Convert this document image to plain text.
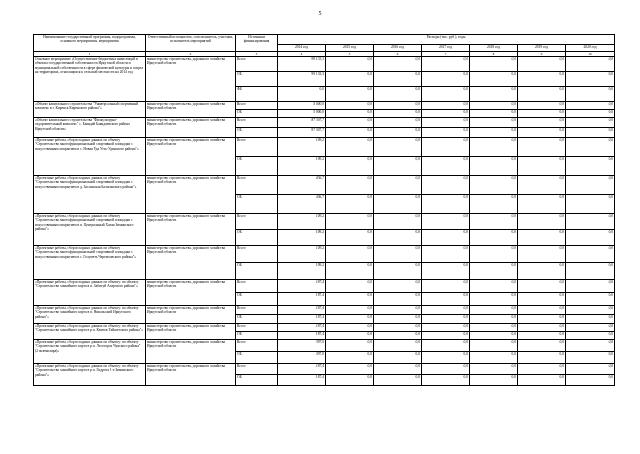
5
Наименование государственной программы, подпрограммы, основного мероприятия, мероприятия	Ответственный исполнитель, соисполнитель, участник, исполнитель мероприятий	Источники финансирования	Расходы (тыс. руб.), годы						
			2014 год	2015 год	2016 год	2017 год	2018 год	2019 год	2020 год
1	2	3	4	5	6	7	8	9	10
Основное мероприятие «Осуществление бюджетных инвестиций в объекты государственной собственности Иркутской области и муниципальной собственности в сфере физической культуры и спорта на территориях, относящихся к сельской местности на 2014 год	министерство строительства, дорожного хозяйства Иркутской области	Всего	99 133,3	0,0	0,0	0,0	0,0	0,0	0,0
		ОБ	99 133,3	0,0	0,0	0,0	0,0	0,0	0,0
		ФБ	0,0	0,0	0,0	0,0	0,0	0,0	0,0
«Объект капитального строительства "Универсальный спортивный комплекс в г. Киренск Киренского района"»	министерство строительства, дорожного хозяйства Иркутской области	Всего	5 000,0	0,0	0,0	0,0	0,0	0,0	0,0
		ОБ	5 000,0	0,0	0,0	0,0	0,0	0,0	0,0
«Объект капитального строительства "Физкультурно-оздоровительный комплекс" с. Баяндай Баяндаевского района Иркутской области»	министерство строительства, дорожного хозяйства Иркутской области	Всего	87 307,7	0,0	0,0	0,0	0,0	0,0	0,0
		ОБ	87 307,7	0,0	0,0	0,0	0,0	0,0	0,0
«Проектные работы, сбор исходных данных по объекту "Строительство многофункциональной спортивной площадки с искусственным покрытием в с. Новая Уда Усть-Удинского района"»	министерство строительства, дорожного хозяйства Иркутской области	Всего	109,2	0,0	0,0	0,0	0,0	0,0	0,0
		ОБ	109,2	0,0	0,0	0,0	0,0	0,0	0,0
«Проектные работы, сбор исходных данных по объекту "Строительство многофункциональной спортивной площадки с искусственным покрытием в д. Засланская Балаганского района"»	министерство строительства, дорожного хозяйства Иркутской области	Всего	436,7	0,0	0,0	0,0	0,0	0,0	0,0
		ОБ	436,7	0,0	0,0	0,0	0,0	0,0	0,0
«Проектные работы, сбор исходных данных по объекту "Строительство многофункциональной спортивной площадки с искусственным покрытием в п. Центральный Хазан Зиминского района"»	министерство строительства, дорожного хозяйства Иркутской области	Всего	109,2	0,0	0,0	0,0	0,0	0,0	0,0
		ОБ	109,2	0,0	0,0	0,0	0,0	0,0	0,0
«Проектные работы, сбор исходных данных по объекту "Строительство многофункциональной спортивной площадки с искусственным покрытием в с. Голуметь Черемховского района"»	министерство строительства, дорожного хозяйства Иркутской области	Всего	109,2	0,0	0,0	0,0	0,0	0,0	0,0
		ОБ	109,2	0,0	0,0	0,0	0,0	0,0	0,0
«Проектные работы, сбор исходных данных по объекту: по объекту "Строительство хоккейного корта в п. Забитуй Аларского района"»	министерство строительства, дорожного хозяйства Иркутской области	Всего	187,4	0,0	0,0	0,0	0,0	0,0	0,0
		ОБ	187,4	0,0	0,0	0,0	0,0	0,0	0,0
«Проектные работы, сбор исходных данных по объекту: по объекту "Строительство хоккейного корта в п. Никольский Иркутского района"»	министерство строительства, дорожного хозяйства Иркутской области	Всего	187,4	0,0	0,0	0,0	0,0	0,0	0,0
		ОБ	187,4	0,0	0,0	0,0	0,0	0,0	0,0
«Проектные работы, сбор исходных данных по объекту: по объекту "Строительство хоккейного корта в р.п. Квиток Тайшетского района"»	министерство строительства, дорожного хозяйства Иркутской области	Всего	187,4	0,0	0,0	0,0	0,0	0,0	0,0
		ОБ	187,4	0,0	0,0	0,0	0,0	0,0	0,0
«Проектные работы, сбор исходных данных по объекту: по объекту "Строительство хоккейного корта в р.п. Лесогорск Чунского района" (2 экземпляра)»	министерство строительства, дорожного хозяйства Иркутской области	Всего	397,0	0,0	0,0	0,0	0,0	0,0	0,0
		ОБ	397,0	0,0	0,0	0,0	0,0	0,0	0,0
«Проектные работы, сбор исходных данных по объекту: по объекту "Строительство хоккейного корта в р.п. Гидрота 1-е Зиминского района"»	министерство строительства, дорожного хозяйства Иркутской области	Всего	187,4	0,0	0,0	0,0	0,0	0,0	0,0
		ОБ	187,4	0,0	0,0	0,0	0,0	0,0	0,0
